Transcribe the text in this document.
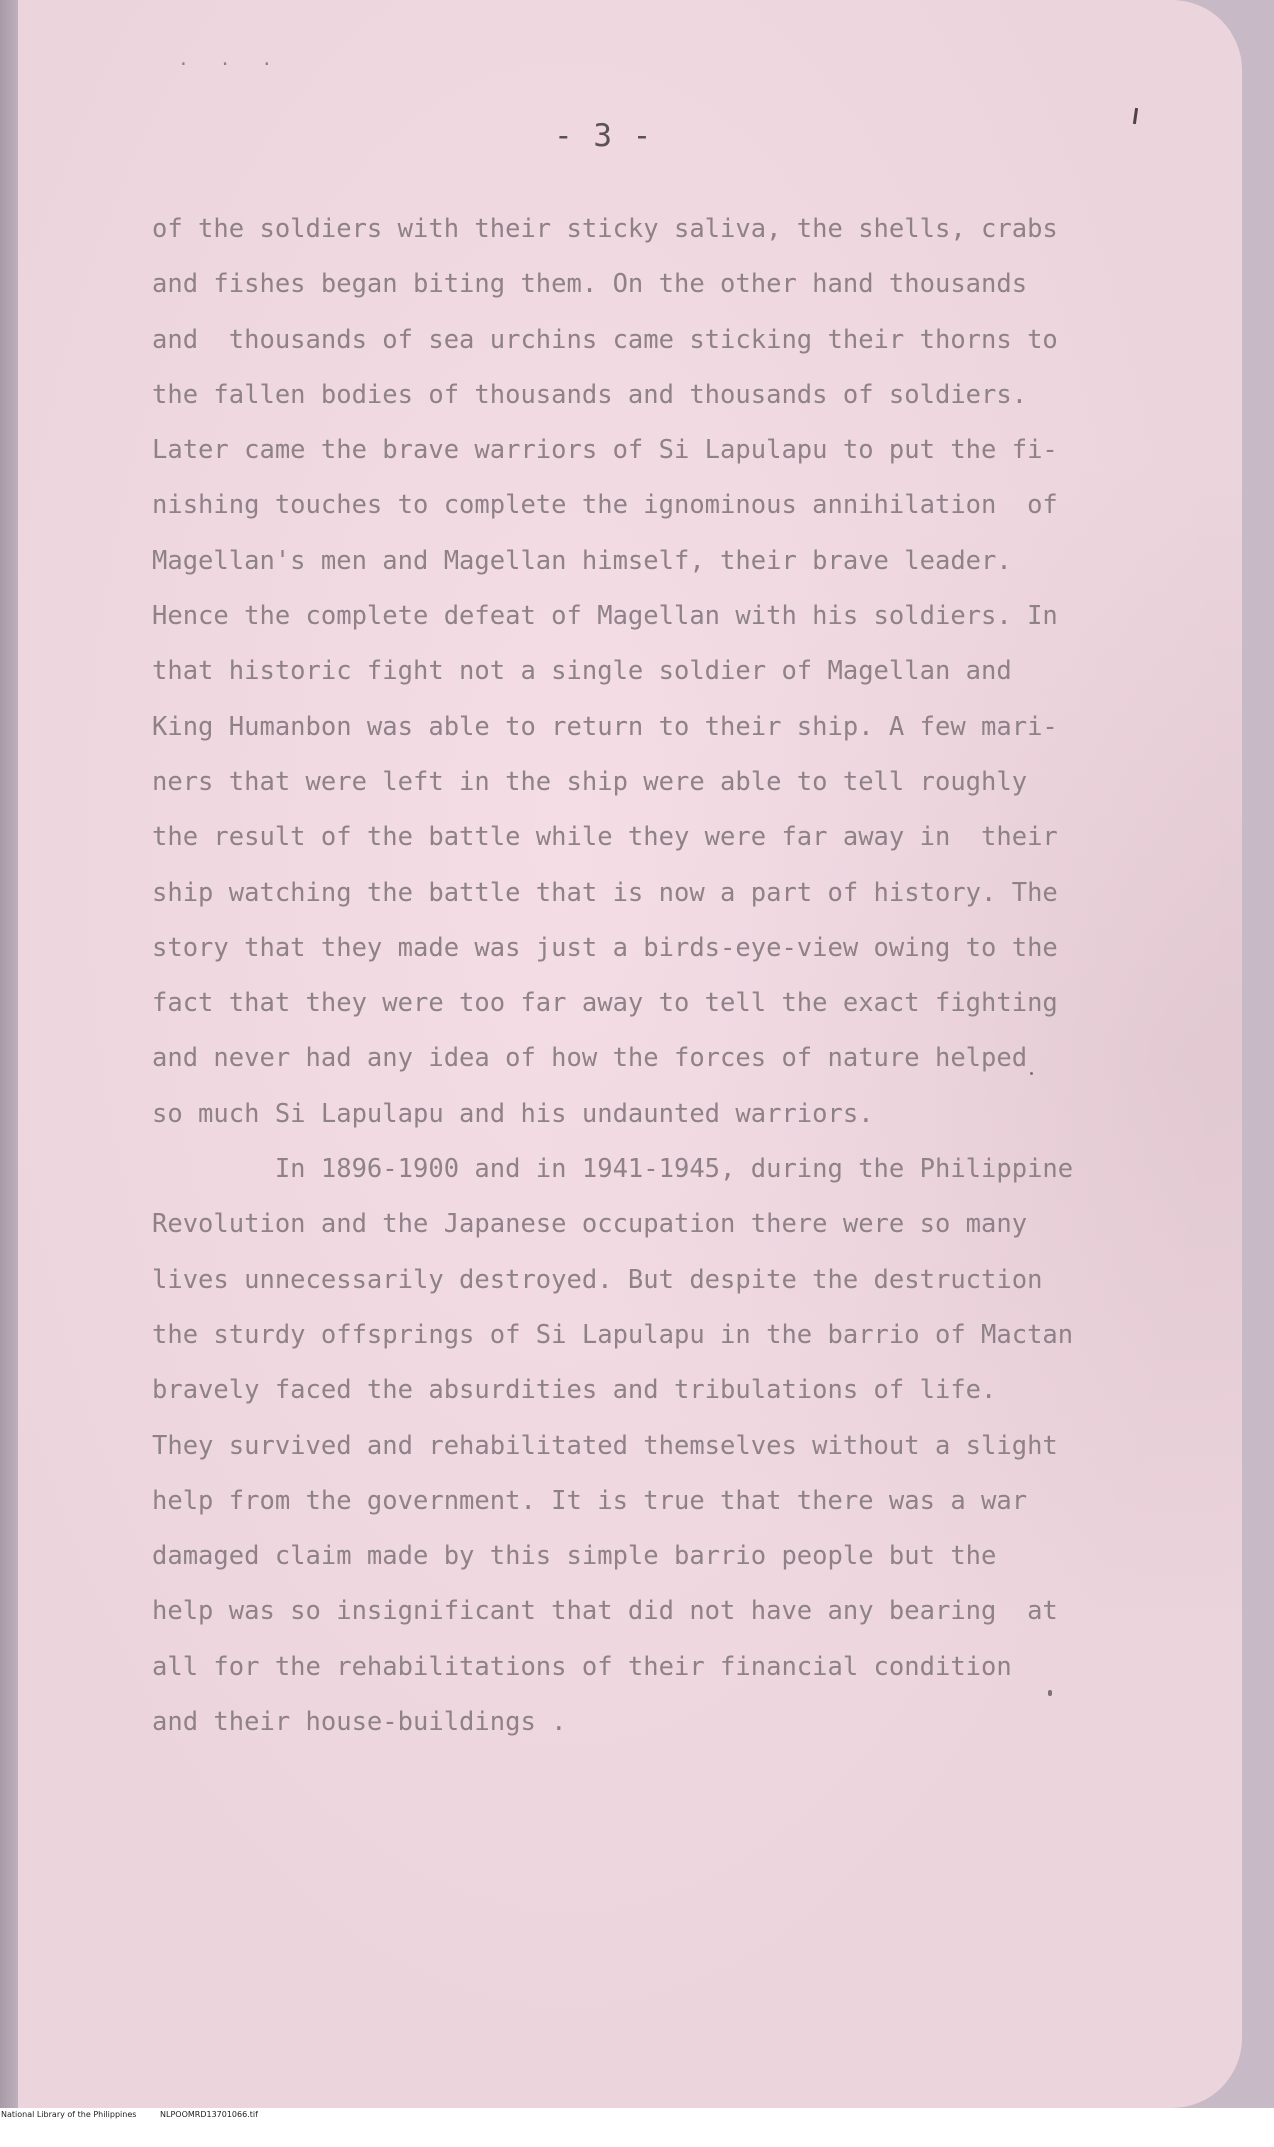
· · ·
- 3 -
of the soldiers with their sticky saliva, the shells, crabs
and fishes began biting them. On the other hand thousands
and  thousands of sea urchins came sticking their thorns to
the fallen bodies of thousands and thousands of soldiers.
Later came the brave warriors of Si Lapulapu to put the fi-
nishing touches to complete the ignominous annihilation  of
Magellan's men and Magellan himself, their brave leader.
Hence the complete defeat of Magellan with his soldiers. In
that historic fight not a single soldier of Magellan and
King Humanbon was able to return to their ship. A few mari-
ners that were left in the ship were able to tell roughly
the result of the battle while they were far away in  their
ship watching the battle that is now a part of history. The
story that they made was just a birds-eye-view owing to the
fact that they were too far away to tell the exact fighting
and never had any idea of how the forces of nature helped
so much Si Lapulapu and his undaunted warriors.
In 1896-1900 and in 1941-1945, during the Philippine
Revolution and the Japanese occupation there were so many
lives unnecessarily destroyed. But despite the destruction
the sturdy offsprings of Si Lapulapu in the barrio of Mactan
bravely faced the absurdities and tribulations of life.
They survived and rehabilitated themselves without a slight
help from the government. It is true that there was a war
damaged claim made by this simple barrio people but the
help was so insignificant that did not have any bearing  at
all for the rehabilitations of their financial condition
and their house-buildings .

National Library of the Philippines

	NLPOOMRD13701066.tif
